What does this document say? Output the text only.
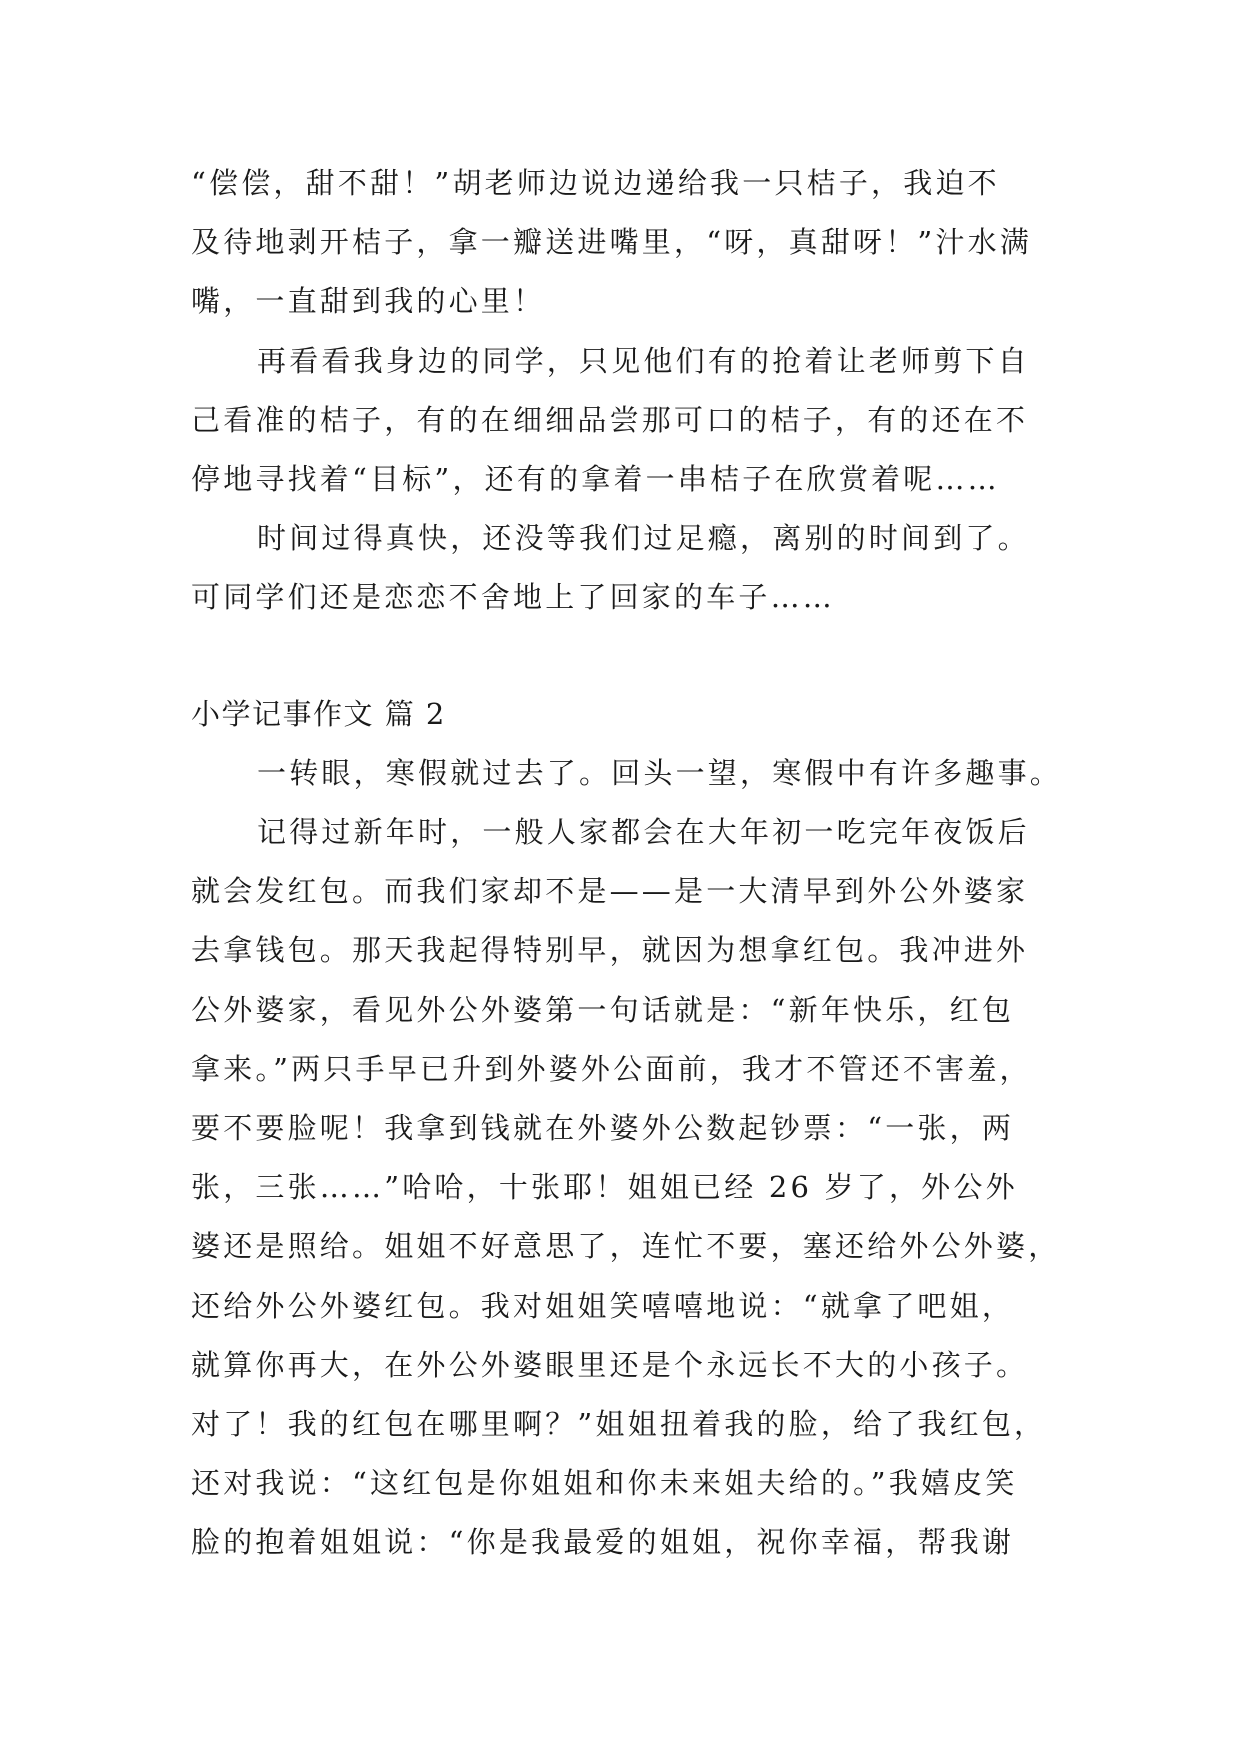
“偿偿，甜不甜！”胡老师边说边递给我一只桔子，我迫不
及待地剥开桔子，拿一瓣送进嘴里，“呀，真甜呀！”汁水满
嘴，一直甜到我的心里！
再看看我身边的同学，只见他们有的抢着让老师剪下自
己看准的桔子，有的在细细品尝那可口的桔子，有的还在不
停地寻找着“目标”，还有的拿着一串桔子在欣赏着呢……
时间过得真快，还没等我们过足瘾，离别的时间到了。
可同学们还是恋恋不舍地上了回家的车子……
小学记事作文 篇 2
一转眼，寒假就过去了。回头一望，寒假中有许多趣事。
记得过新年时，一般人家都会在大年初一吃完年夜饭后
就会发红包。而我们家却不是——是一大清早到外公外婆家
去拿钱包。那天我起得特别早，就因为想拿红包。我冲进外
公外婆家，看见外公外婆第一句话就是：“新年快乐，红包
拿来。”两只手早已升到外婆外公面前，我才不管还不害羞，
要不要脸呢！我拿到钱就在外婆外公数起钞票：“一张，两
张，三张……”哈哈，十张耶！姐姐已经 26 岁了，外公外
婆还是照给。姐姐不好意思了，连忙不要，塞还给外公外婆，
还给外公外婆红包。我对姐姐笑嘻嘻地说：“就拿了吧姐，
就算你再大，在外公外婆眼里还是个永远长不大的小孩子。
对了！我的红包在哪里啊？”姐姐扭着我的脸，给了我红包，
还对我说：“这红包是你姐姐和你未来姐夫给的。”我嬉皮笑
脸的抱着姐姐说：“你是我最爱的姐姐，祝你幸福，帮我谢
